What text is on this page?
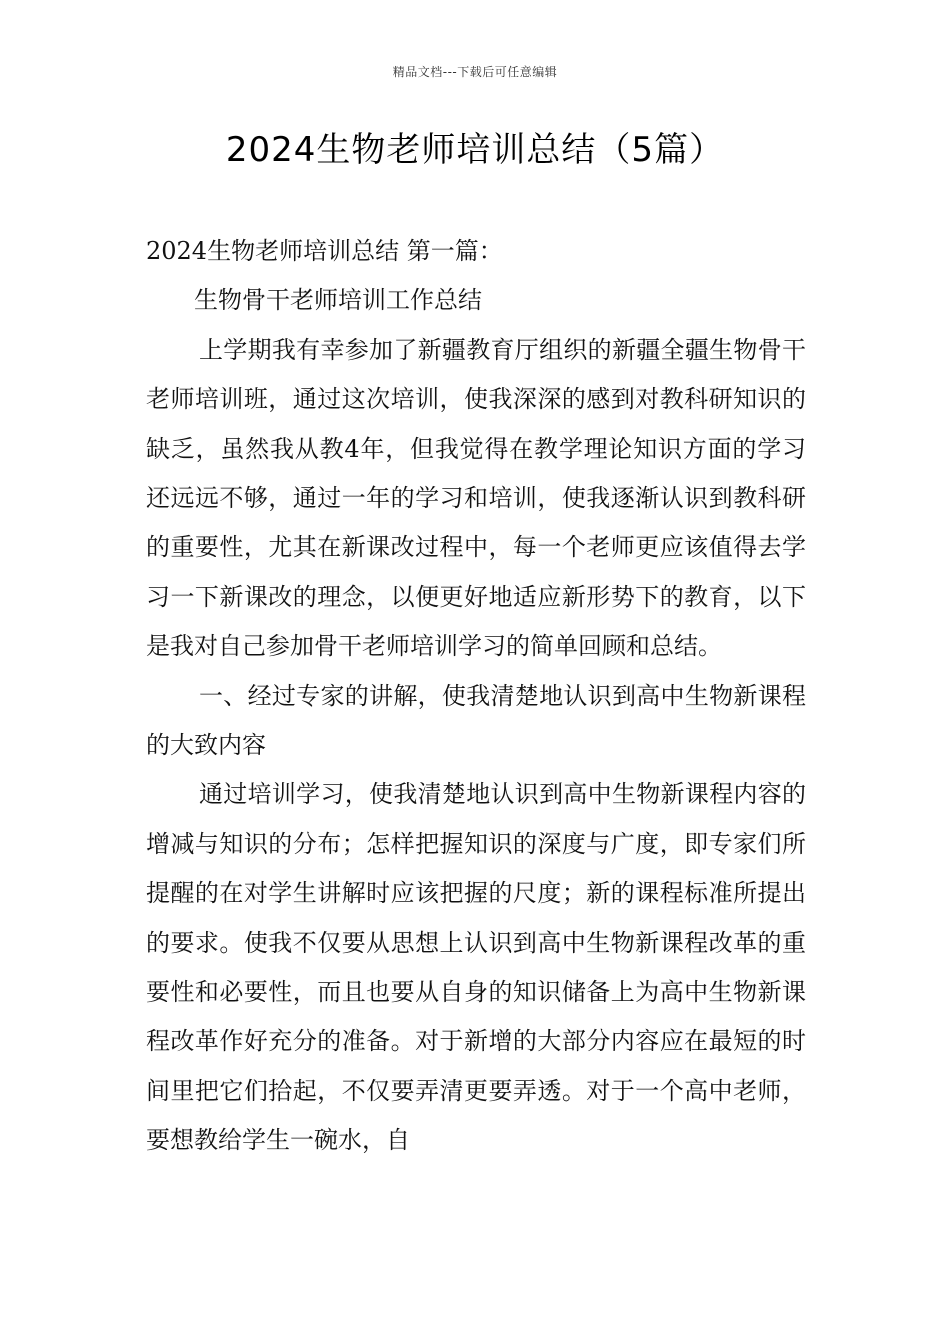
精品文档---下载后可任意编辑
2024生物老师培训总结（5篇）
2024生物老师培训总结 第一篇：
生物骨干老师培训工作总结

上学期我有幸参加了新疆教育厅组织的新疆全疆生物骨干老师培训班，通过这次培训，使我深深的感到对教科研知识的缺乏，虽然我从教4年，但我觉得在教学理论知识方面的学习还远远不够，通过一年的学习和培训，使我逐渐认识到教科研的重要性，尤其在新课改过程中，每一个老师更应该值得去学习一下新课改的理念，以便更好地适应新形势下的教育，以下是我对自己参加骨干老师培训学习的简单回顾和总结。

一、经过专家的讲解，使我清楚地认识到高中生物新课程的大致内容

通过培训学习，使我清楚地认识到高中生物新课程内容的增减与知识的分布；怎样把握知识的深度与广度，即专家们所提醒的在对学生讲解时应该把握的尺度；新的课程标准所提出的要求。使我不仅要从思想上认识到高中生物新课程改革的重要性和必要性，而且也要从自身的知识储备上为高中生物新课程改革作好充分的准备。对于新增的大部分内容应在最短的时间里把它们拾起，不仅要弄清更要弄透。对于一个高中老师，要想教给学生一碗水，自
